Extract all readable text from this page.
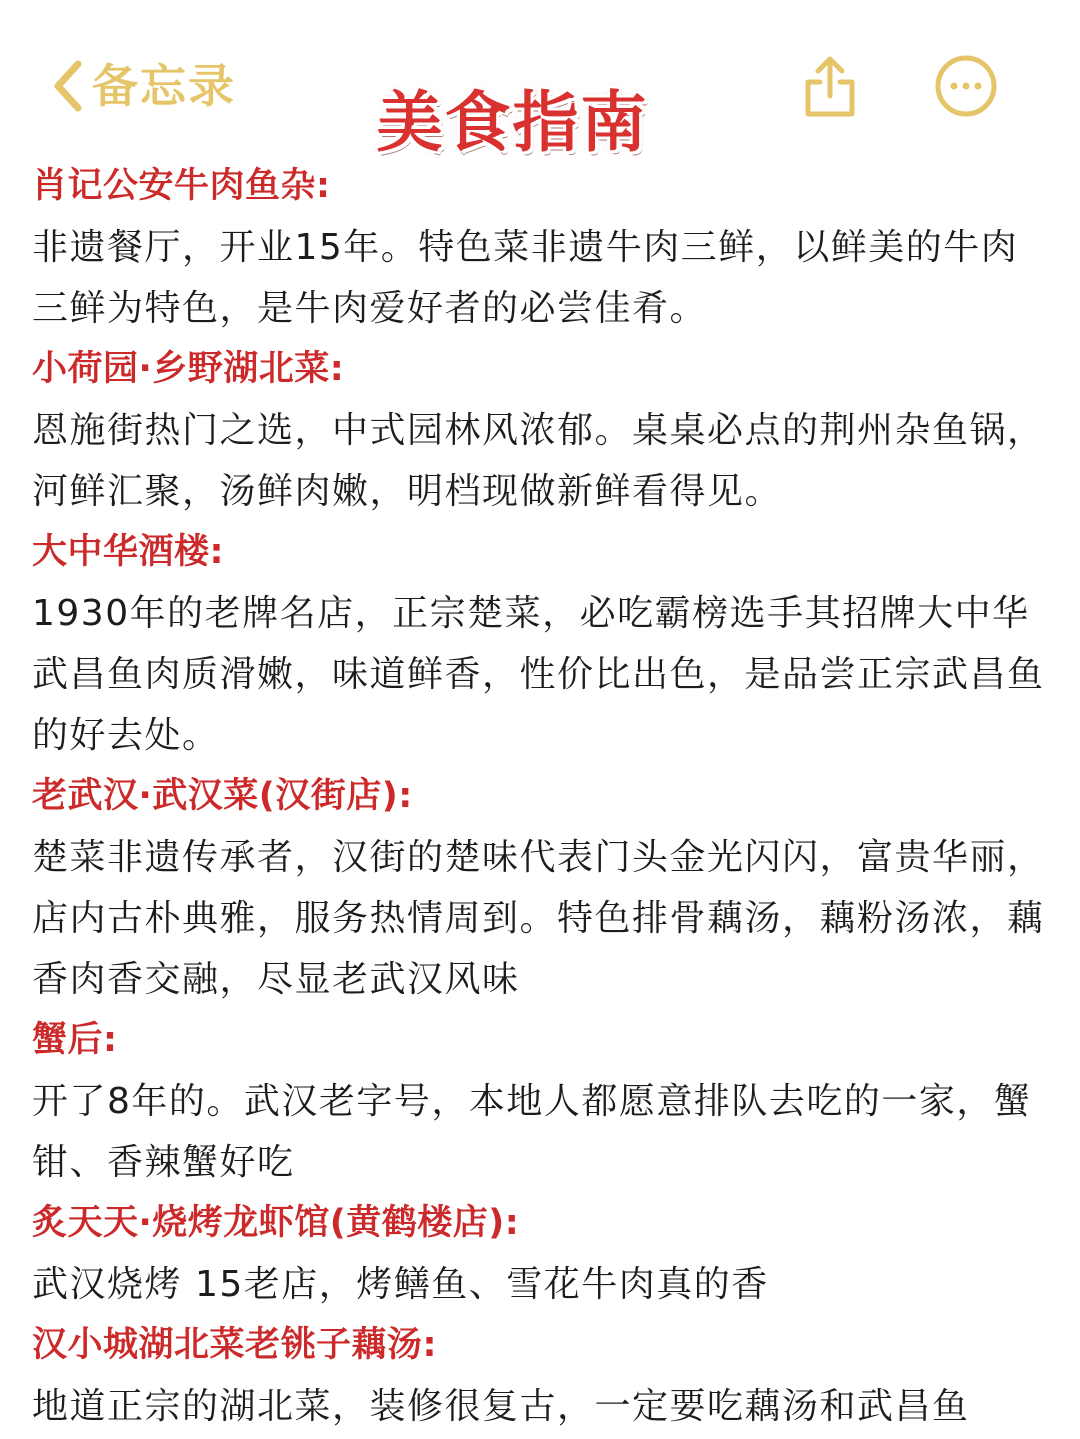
备忘录	美食指南
肖记公安牛肉鱼杂:

非遗餐厅，开业15年。特色菜非遗牛肉三鲜，以鲜美的牛肉三鲜为特色，是牛肉爱好者的必尝佳肴。

小荷园·乡野湖北菜:

恩施街热门之选，中式园林风浓郁。桌桌必点的荆州杂鱼锅，河鲜汇聚，汤鲜肉嫩，明档现做新鲜看得见。

大中华酒楼:

1930年的老牌名店，正宗楚菜，必吃霸榜选手其招牌大中华武昌鱼肉质滑嫩，味道鲜香，性价比出色，是品尝正宗武昌鱼的好去处。

老武汉·武汉菜(汉街店):

楚菜非遗传承者，汉街的楚味代表门头金光闪闪，富贵华丽，店内古朴典雅，服务热情周到。特色排骨藕汤，藕粉汤浓，藕香肉香交融，尽显老武汉风味

蟹后:

开了8年的。武汉老字号，本地人都愿意排队去吃的一家，蟹钳、香辣蟹好吃

炙天天·烧烤龙虾馆(黄鹤楼店):

武汉烧烤 15老店，烤鳝鱼、雪花牛肉真的香

汉小城湖北菜老铫子藕汤:

地道正宗的湖北菜，装修很复古，一定要吃藕汤和武昌鱼
